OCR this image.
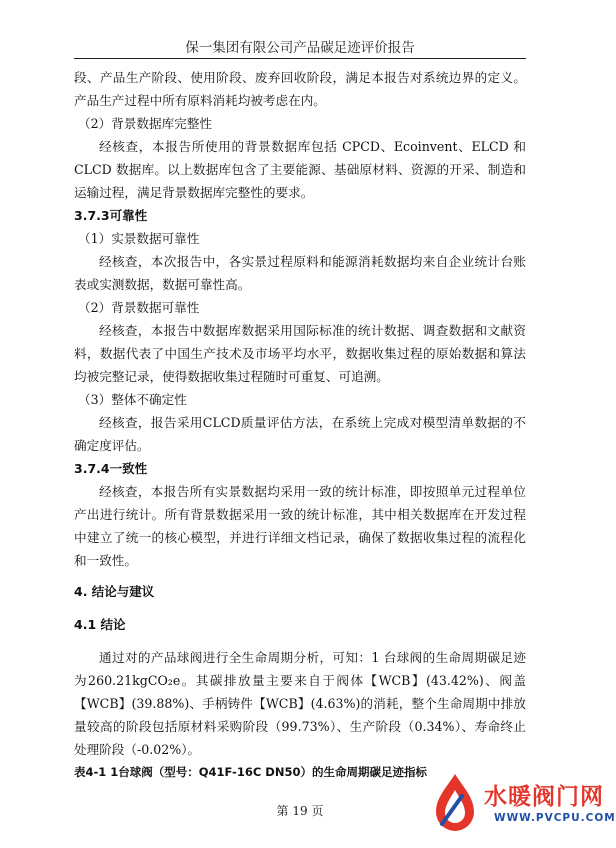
保一集团有限公司产品碳足迹评价报告

段、产品生产阶段、使用阶段、废弃回收阶段，满足本报告对系统边界的定义。产品生产过程中所有原料消耗均被考虑在内。

（2）背景数据库完整性

经核查，本报告所使用的背景数据库包括 CPCD、Ecoinvent、ELCD 和 CLCD 数据库。以上数据库包含了主要能源、基础原材料、资源的开采、制造和运输过程，满足背景数据库完整性的要求。

3.7.3可靠性

（1）实景数据可靠性

经核查，本次报告中，各实景过程原料和能源消耗数据均来自企业统计台账表或实测数据，数据可靠性高。

（2）背景数据可靠性

经核查，本报告中数据库数据采用国际标准的统计数据、调查数据和文献资料，数据代表了中国生产技术及市场平均水平，数据收集过程的原始数据和算法均被完整记录，使得数据收集过程随时可重复、可追溯。

（3）整体不确定性

经核查，报告采用CLCD质量评估方法，在系统上完成对模型清单数据的不确定度评估。

3.7.4一致性

经核查，本报告所有实景数据均采用一致的统计标准，即按照单元过程单位产出进行统计。所有背景数据采用一致的统计标准，其中相关数据库在开发过程中建立了统一的核心模型，并进行详细文档记录，确保了数据收集过程的流程化和一致性。

4. 结论与建议

4.1 结论

通过对的产品球阀进行全生命周期分析，可知：1 台球阀的生命周期碳足迹为260.21kgCO₂e。其碳排放量主要来自于阀体【WCB】(43.42%)、阀盖【WCB】(39.88%)、手柄铸件【WCB】(4.63%)的消耗，整个生命周期中排放量较高的阶段包括原材料采购阶段（99.73%）、生产阶段（0.34%）、寿命终止处理阶段（-0.02%）。

表4-1 1台球阀（型号：Q41F-16C DN50）的生命周期碳足迹指标

第 19 页
水暖阀门网
WWW.PVCPU.COM
